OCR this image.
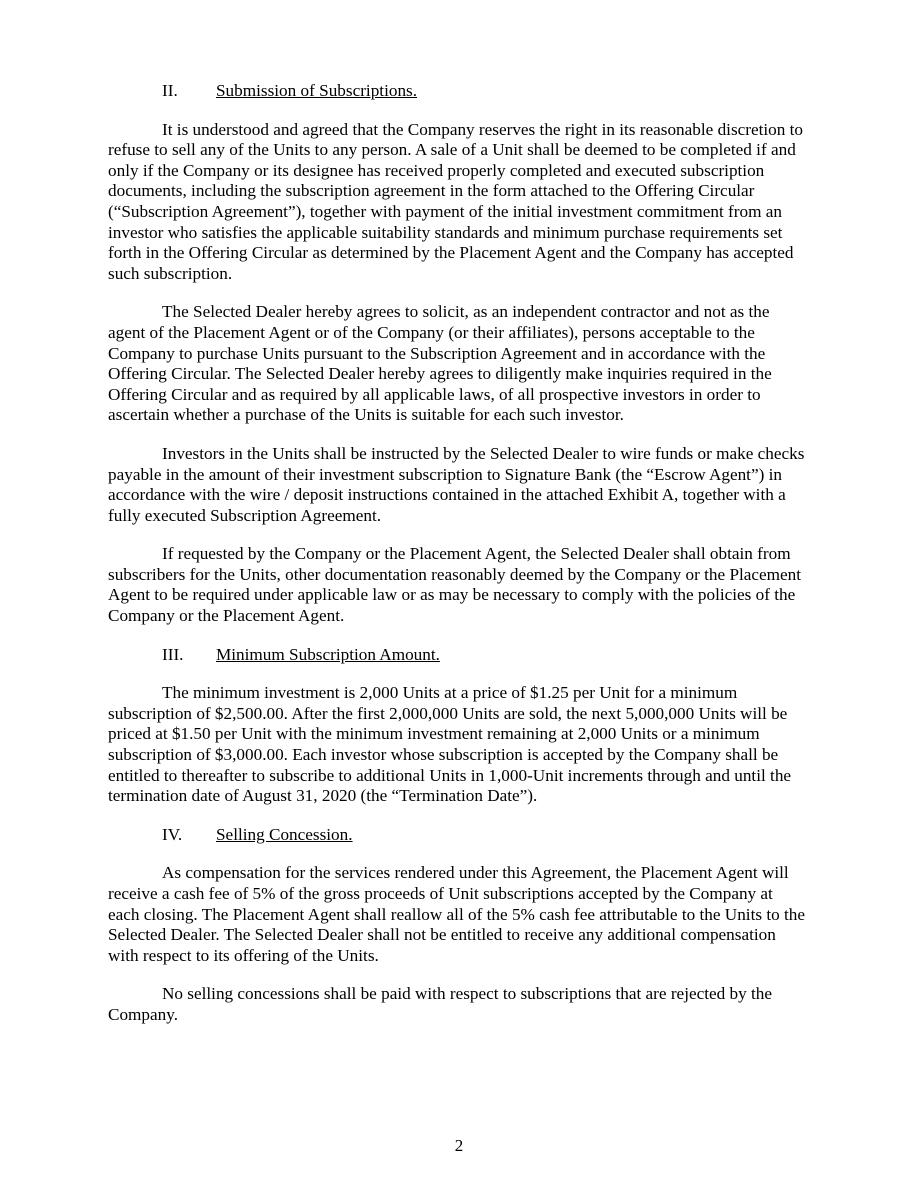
II.	Submission of Subscriptions.

It is understood and agreed that the Company reserves the right in its reasonable discretion to refuse to sell any of the Units to any person. A sale of a Unit shall be deemed to be completed if and only if the Company or its designee has received properly completed and executed subscription documents, including the subscription agreement in the form attached to the Offering Circular (“Subscription Agreement”), together with payment of the initial investment commitment from an investor who satisfies the applicable suitability standards and minimum purchase requirements set forth in the Offering Circular as determined by the Placement Agent and the Company has accepted such subscription.

The Selected Dealer hereby agrees to solicit, as an independent contractor and not as the agent of the Placement Agent or of the Company (or their affiliates), persons acceptable to the Company to purchase Units pursuant to the Subscription Agreement and in accordance with the Offering Circular. The Selected Dealer hereby agrees to diligently make inquiries required in the Offering Circular and as required by all applicable laws, of all prospective investors in order to ascertain whether a purchase of the Units is suitable for each such investor.

Investors in the Units shall be instructed by the Selected Dealer to wire funds or make checks payable in the amount of their investment subscription to Signature Bank (the “Escrow Agent”) in accordance with the wire / deposit instructions contained in the attached Exhibit A, together with a fully executed Subscription Agreement.

If requested by the Company or the Placement Agent, the Selected Dealer shall obtain from subscribers for the Units, other documentation reasonably deemed by the Company or the Placement Agent to be required under applicable law or as may be necessary to comply with the policies of the Company or the Placement Agent.

III.	Minimum Subscription Amount.

The minimum investment is 2,000 Units at a price of $1.25 per Unit for a minimum subscription of $2,500.00. After the first 2,000,000 Units are sold, the next 5,000,000 Units will be priced at $1.50 per Unit with the minimum investment remaining at 2,000 Units or a minimum subscription of $3,000.00. Each investor whose subscription is accepted by the Company shall be entitled to thereafter to subscribe to additional Units in 1,000-Unit increments through and until the termination date of August 31, 2020 (the “Termination Date”).

IV.	Selling Concession.

As compensation for the services rendered under this Agreement, the Placement Agent will receive a cash fee of 5% of the gross proceeds of Unit subscriptions accepted by the Company at each closing. The Placement Agent shall reallow all of the 5% cash fee attributable to the Units to the Selected Dealer. The Selected Dealer shall not be entitled to receive any additional compensation with respect to its offering of the Units.

No selling concessions shall be paid with respect to subscriptions that are rejected by the Company.

2
